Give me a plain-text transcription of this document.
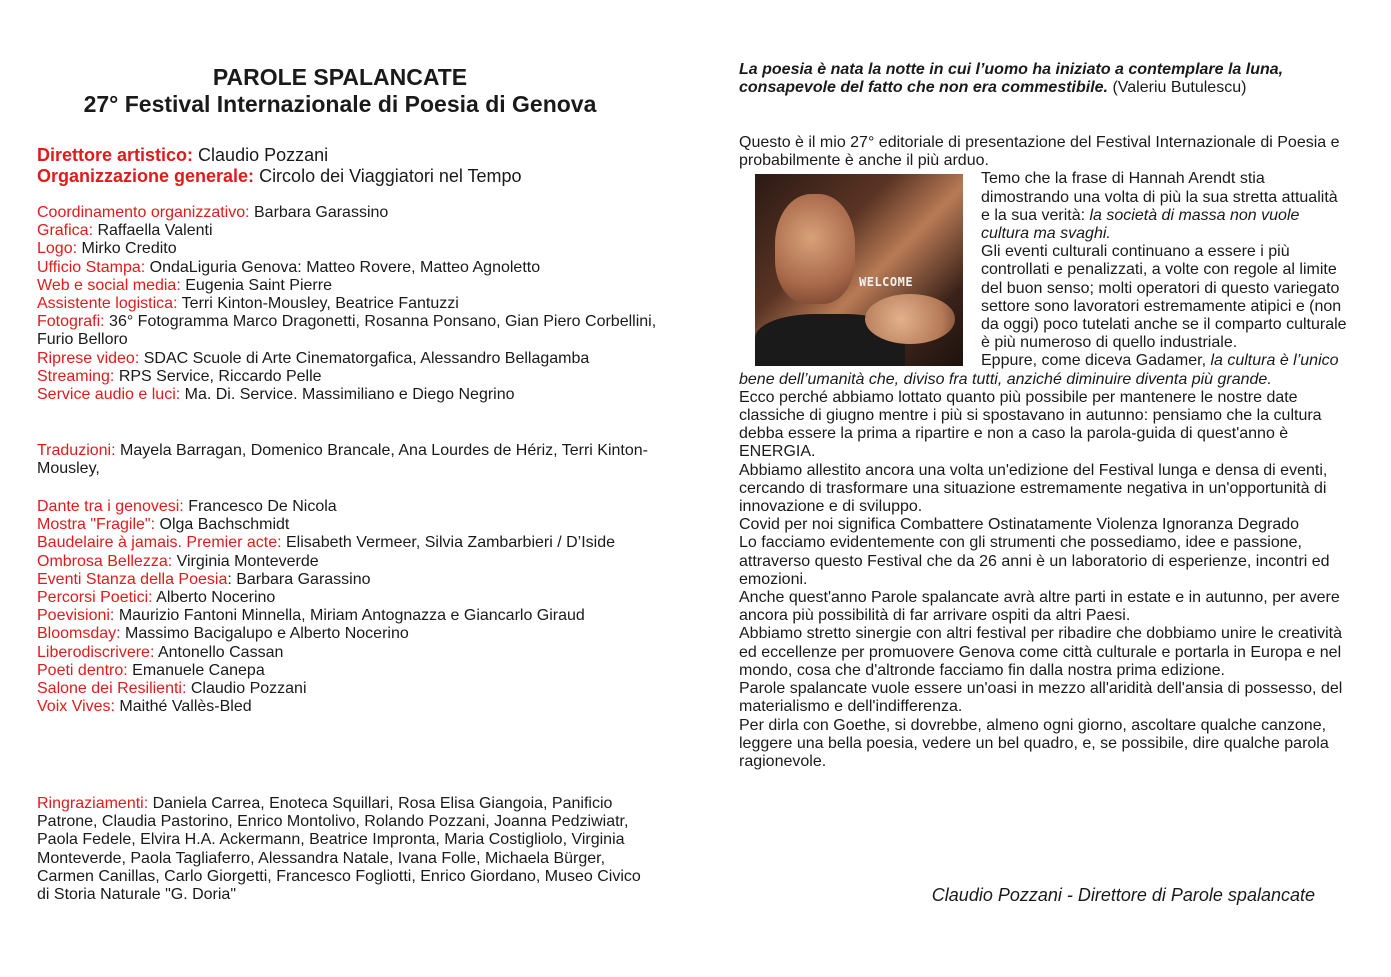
PAROLE SPALANCATE
27° Festival Internazionale di Poesia di Genova
Direttore artistico: Claudio Pozzani
Organizzazione generale: Circolo dei Viaggiatori nel Tempo
Coordinamento organizzativo: Barbara Garassino
Grafica: Raffaella Valenti
Logo: Mirko Credito
Ufficio Stampa: OndaLiguria Genova: Matteo Rovere, Matteo Agnoletto
Web e social media: Eugenia Saint Pierre
Assistente logistica: Terri Kinton-Mousley, Beatrice Fantuzzi
Fotografi: 36° Fotogramma Marco Dragonetti, Rosanna Ponsano, Gian Piero Corbellini, Furio Belloro
Riprese video: SDAC Scuole di Arte Cinematorgafica, Alessandro Bellagamba
Streaming: RPS Service, Riccardo Pelle
Service audio e luci: Ma. Di. Service. Massimiliano e Diego Negrino
Traduzioni: Mayela Barragan, Domenico Brancale, Ana Lourdes de Hériz, Terri Kinton-Mousley,
Dante tra i genovesi: Francesco De Nicola
Mostra "Fragile": Olga Bachschmidt
Baudelaire à jamais. Premier acte: Elisabeth Vermeer, Silvia Zambarbieri / D’Iside
Ombrosa Bellezza: Virginia Monteverde
Eventi Stanza della Poesia: Barbara Garassino
Percorsi Poetici: Alberto Nocerino
Poevisioni: Maurizio Fantoni Minnella, Miriam Antognazza e Giancarlo Giraud
Bloomsday: Massimo Bacigalupo e Alberto Nocerino
Liberodiscrivere: Antonello Cassan
Poeti dentro: Emanuele Canepa
Salone dei Resilienti: Claudio Pozzani
Voix Vives: Maithé Vallès-Bled
Ringraziamenti: Daniela Carrea, Enoteca Squillari, Rosa Elisa Giangoia, Panificio Patrone, Claudia Pastorino, Enrico Montolivo, Rolando Pozzani, Joanna Pedziwiatr, Paola Fedele, Elvira H.A. Ackermann, Beatrice Impronta, Maria Costigliolo, Virginia Monteverde, Paola Tagliaferro, Alessandra Natale, Ivana Folle, Michaela Bürger, Carmen Canillas, Carlo Giorgetti, Francesco Fogliotti, Enrico Giordano, Museo Civico di Storia Naturale "G. Doria"
La poesia è nata la notte in cui l’uomo ha iniziato a contemplare la luna, consapevole del fatto che non era commestibile. (Valeriu Butulescu)

Questo è il mio 27° editoriale di presentazione del Festival Internazionale di Poesia e probabilmente è anche il più arduo.

WELCOME

Temo che la frase di Hannah Arendt stia dimostrando una volta di più la sua stretta attualità e la sua verità: la società di massa non vuole cultura ma svaghi.

Gli eventi culturali continuano a essere i più controllati e penalizzati, a volte con regole al limite del buon senso; molti operatori di questo variegato settore sono lavoratori estremamente atipici e (non da oggi) poco tutelati anche se il comparto culturale è più numeroso di quello industriale.

Eppure, come diceva Gadamer, la cultura è l’unico bene dell’umanità che, diviso fra tutti, anziché diminuire diventa più grande.

Ecco perché abbiamo lottato quanto più possibile per mantenere le nostre date classiche di giugno mentre i più si spostavano in autunno: pensiamo che la cultura debba essere la prima a ripartire e non a caso la parola-guida di quest'anno è ENERGIA.

Abbiamo allestito ancora una volta un'edizione del Festival lunga e densa di eventi, cercando di trasformare una situazione estremamente negativa in un'opportunità di innovazione e di sviluppo.

Covid per noi significa Combattere Ostinatamente Violenza Ignoranza Degrado

Lo facciamo evidentemente con gli strumenti che possediamo, idee e passione, attraverso questo Festival che da 26 anni è un laboratorio di esperienze, incontri ed emozioni.

Anche quest'anno Parole spalancate avrà altre parti in estate e in autunno, per avere ancora più possibilità di far arrivare ospiti da altri Paesi.

Abbiamo stretto sinergie con altri festival per ribadire che dobbiamo unire le creatività ed eccellenze per promuovere Genova come città culturale e portarla in Europa e nel mondo, cosa che d'altronde facciamo fin dalla nostra prima edizione.

Parole spalancate vuole essere un'oasi in mezzo all'aridità dell'ansia di possesso, del materialismo e dell'indifferenza.

Per dirla con Goethe, si dovrebbe, almeno ogni giorno, ascoltare qualche canzone, leggere una bella poesia, vedere un bel quadro, e, se possibile, dire qualche parola ragionevole.

Claudio Pozzani - Direttore di Parole spalancate
